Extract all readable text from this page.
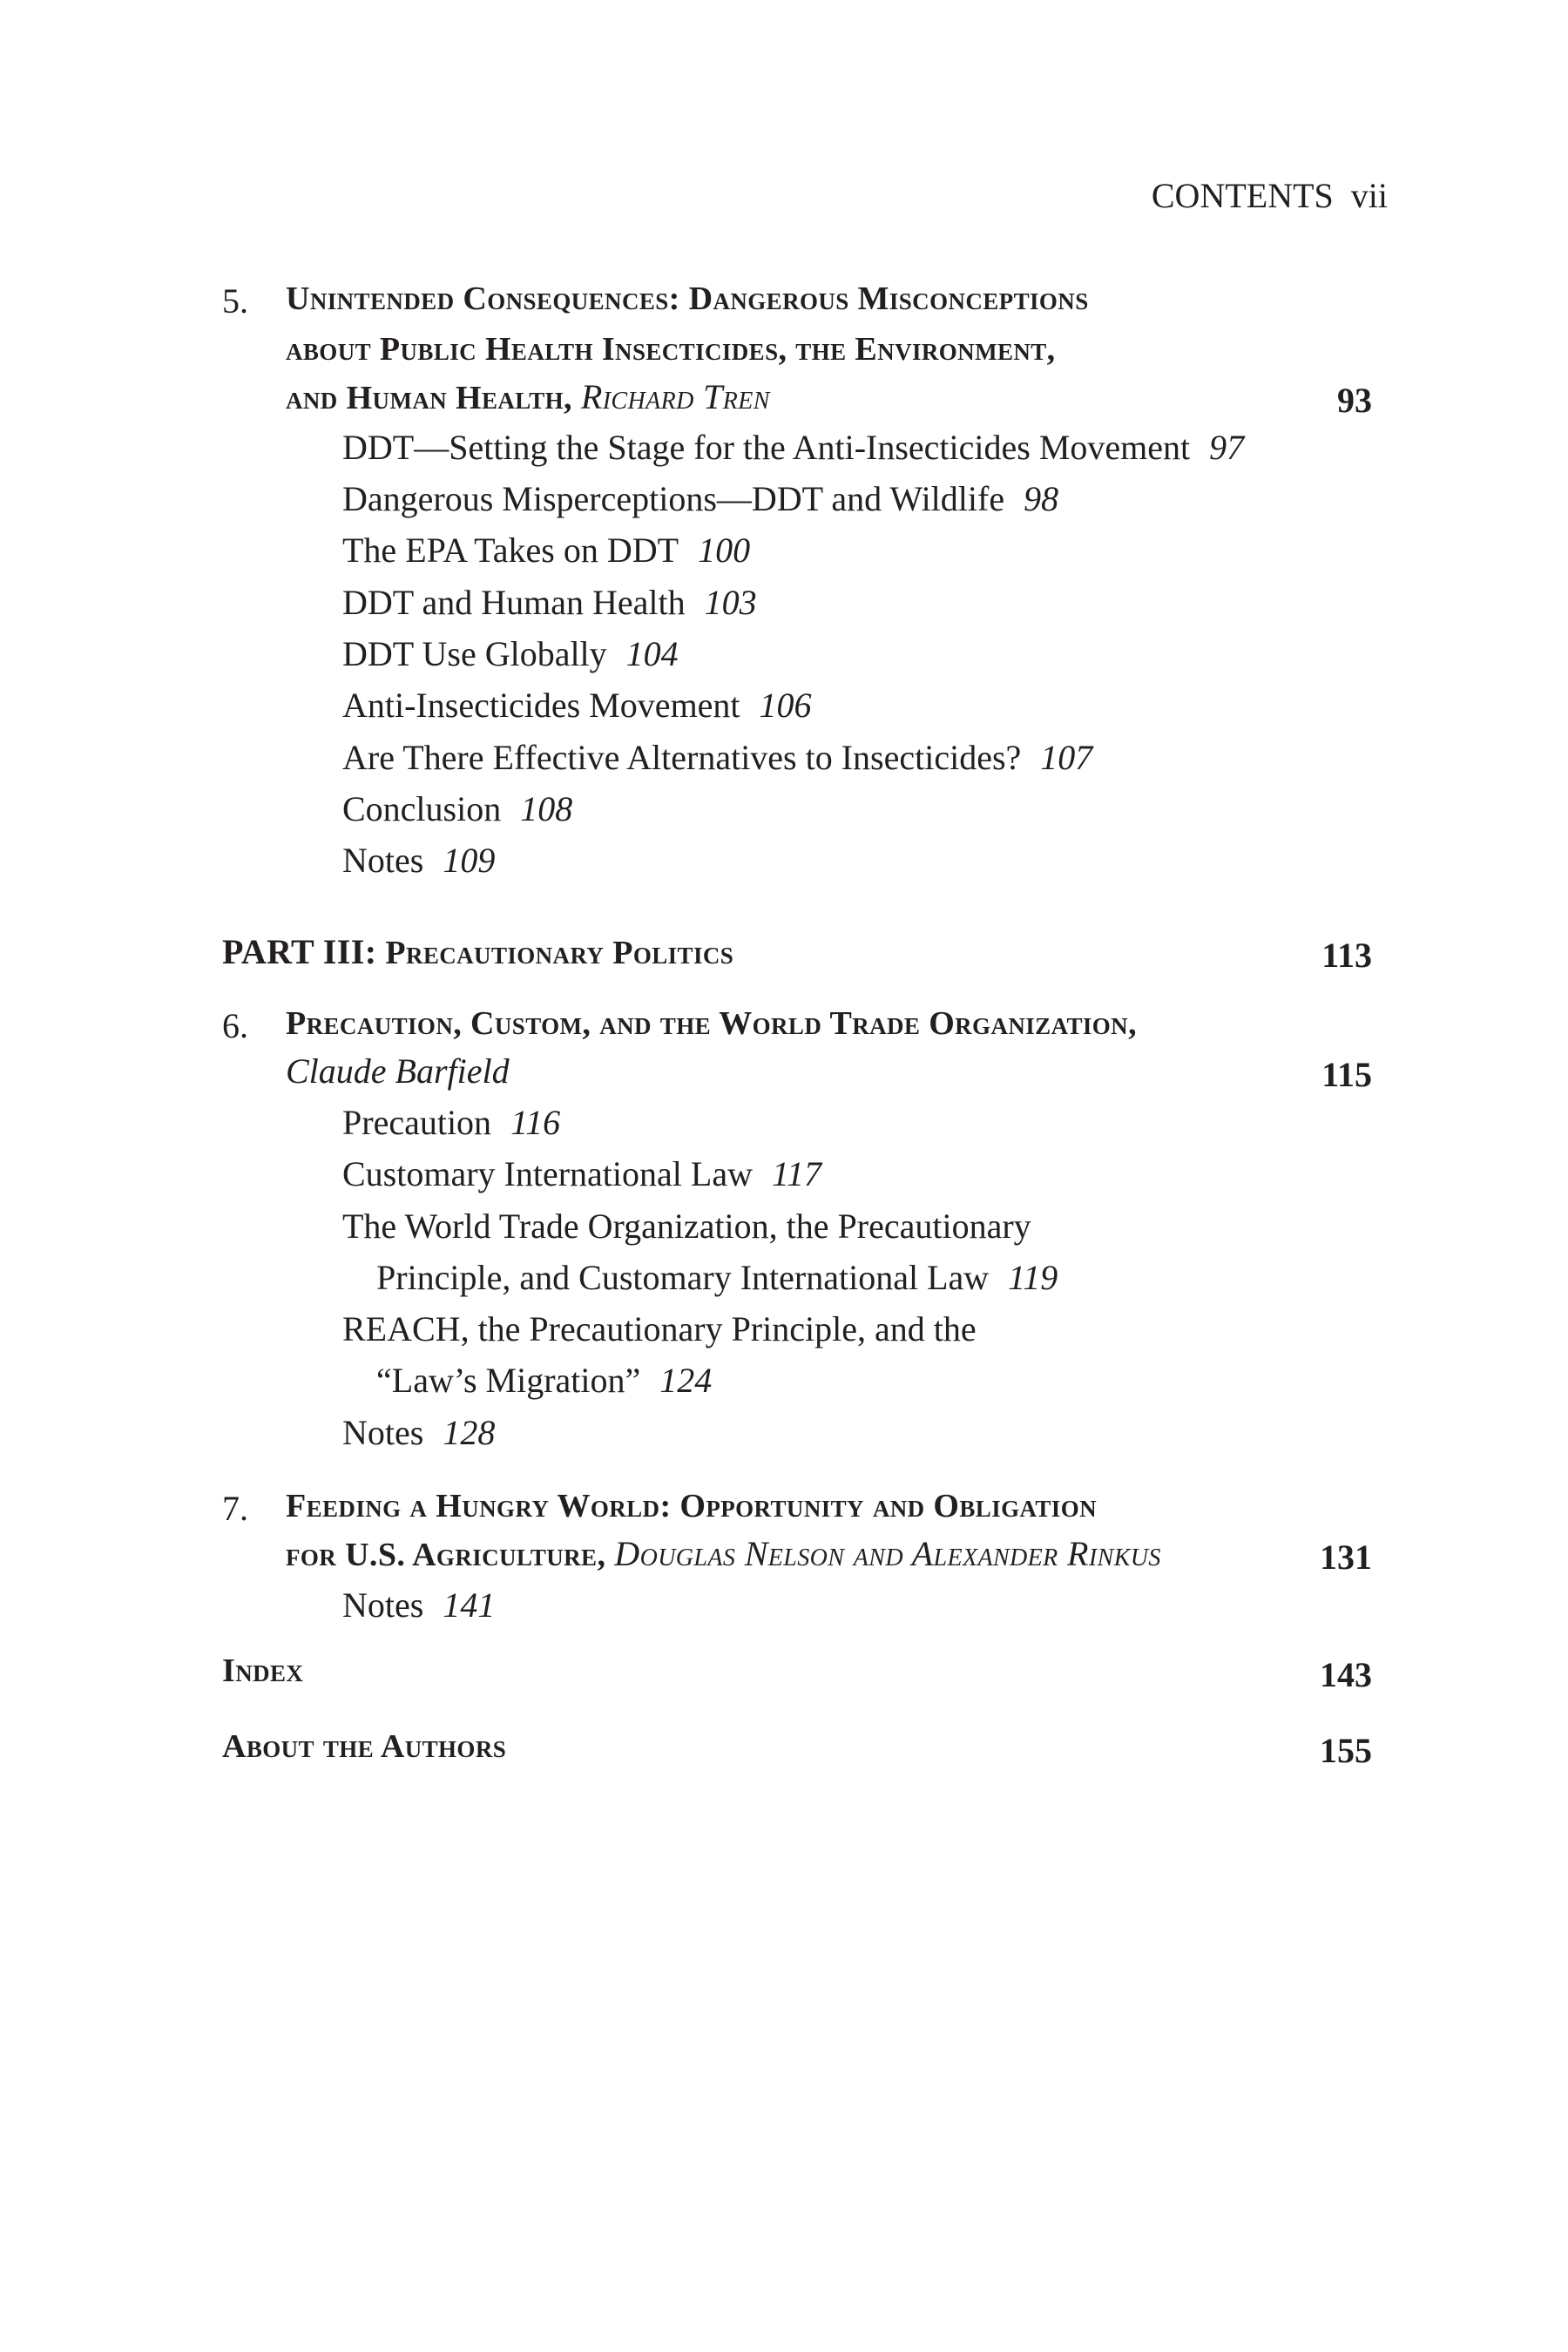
CONTENTS vii
5. Unintended Consequences: Dangerous Misconceptions
about Public Health Insecticides, the Environment,
and Human Health, Richard Tren	93
DDT—Setting the Stage for the Anti-Insecticides Movement 97
Dangerous Misperceptions—DDT and Wildlife 98
The EPA Takes on DDT 100
DDT and Human Health 103
DDT Use Globally 104
Anti-Insecticides Movement 106
Are There Effective Alternatives to Insecticides? 107
Conclusion 108
Notes 109
PART III: Precautionary Politics	113
6. Precaution, Custom, and the World Trade Organization,
Claude Barfield	115
Precaution 116
Customary International Law 117
The World Trade Organization, the Precautionary
Principle, and Customary International Law 119
REACH, the Precautionary Principle, and the
“Law’s Migration” 124
Notes 128
7. Feeding a Hungry World: Opportunity and Obligation
for U.S. Agriculture, Douglas Nelson and Alexander Rinkus	131
Notes 141
Index	143
About the Authors	155
